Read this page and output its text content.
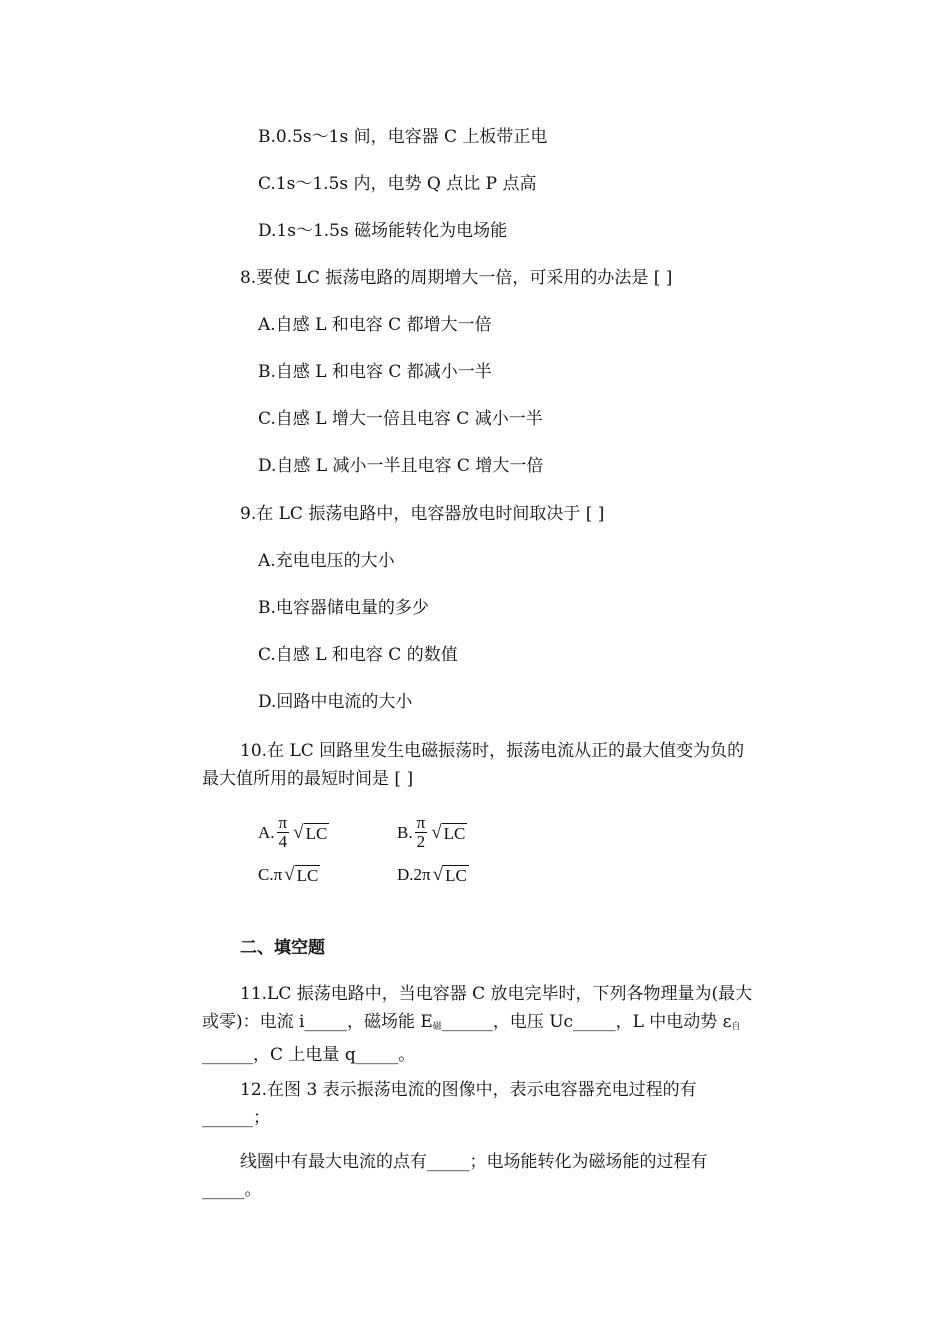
B.0.5s～1s 间，电容器 C 上板带正电
C.1s～1.5s 内，电势 Q 点比 P 点高
D.1s～1.5s 磁场能转化为电场能
8.要使 LC 振荡电路的周期增大一倍，可采用的办法是 [ ]
A.自感 L 和电容 C 都增大一倍
B.自感 L 和电容 C 都减小一半
C.自感 L 增大一倍且电容 C 减小一半
D.自感 L 减小一半且电容 C 增大一倍
9.在 LC 振荡电路中，电容器放电时间取决于 [ ]
A.充电电压的大小
B.电容器储电量的多少
C.自感 L 和电容 C 的数值
D.回路中电流的大小
10.在 LC 回路里发生电磁振荡时，振荡电流从正的最大值变为负的最大值所用的最短时间是 [ ]
A. $\frac{\pi}{4}$ √ LC	B. $\frac{\pi}{2}$ √ LC
C.π √ LC	D.2π √ LC
二、填空题
11.LC 振荡电路中，当电容器 C 放电完毕时，下列各物理量为(最大或零)：电流 i_____，磁场能 $E_磁\_\_\_\_\_\_$，电压 Uc_____，L 中电动势 $\varepsilon_自\_\_\_\_\_\_$，C 上电量 q_____。
12.在图 3 表示振荡电流的图像中，表示电容器充电过程的有______；
线圈中有最大电流的点有_____；电场能转化为磁场能的过程有_____。
